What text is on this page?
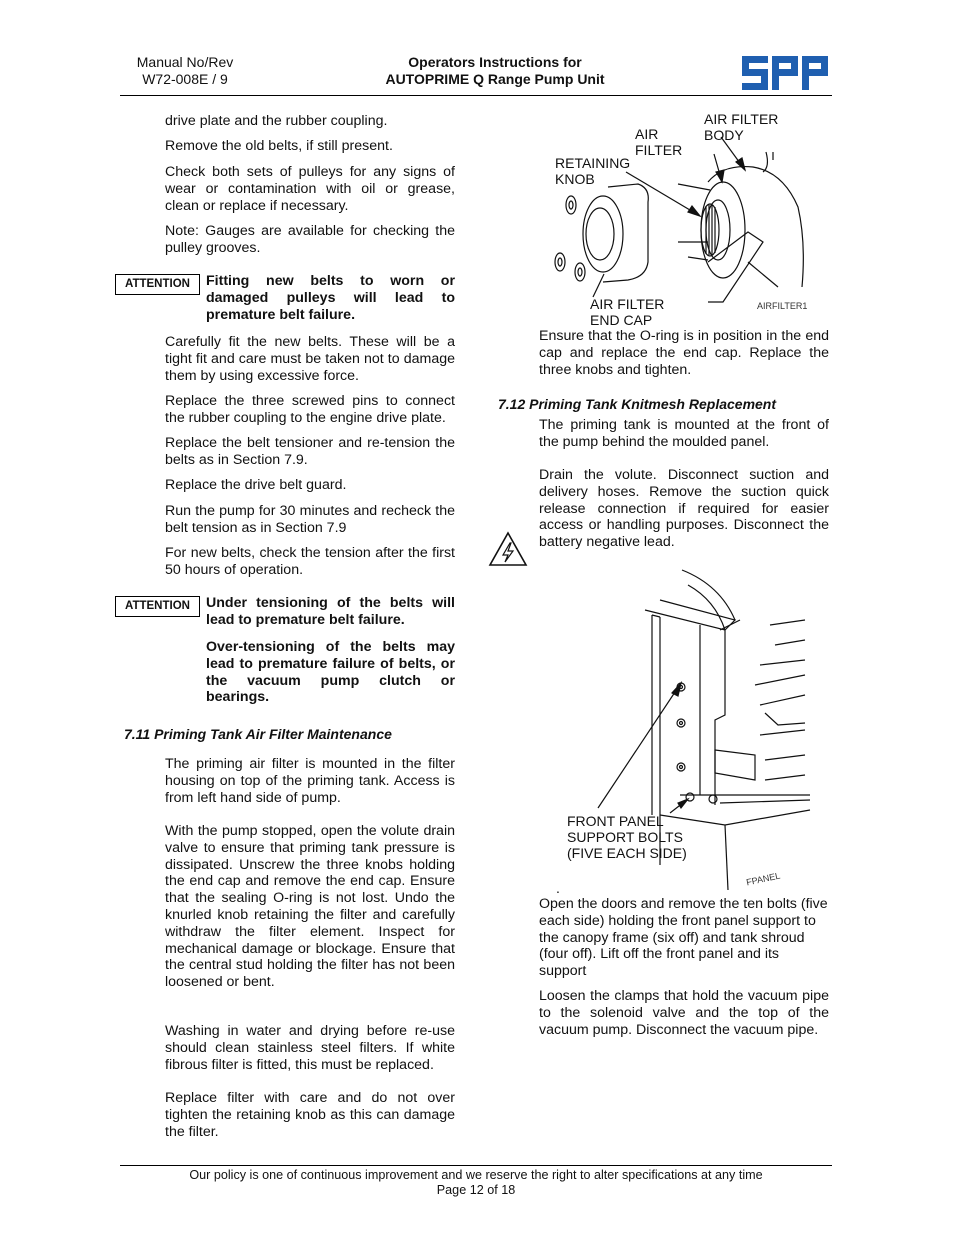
Manual No/Rev
W72-008E / 9
Operators Instructions for
AUTOPRIME Q Range Pump Unit

drive plate and the rubber coupling.

Remove the old belts, if still present.

Check both sets of pulleys for any signs of wear or contamination with oil or grease, clean or replace if necessary.

Note: Gauges are available for checking the pulley grooves.

ATTENTION	Fitting new belts to worn or damaged pulleys will lead to premature belt failure.

Carefully fit the new belts. These will be a tight fit and care must be taken not to damage them by using excessive force.

Replace the three screwed pins to connect the rubber coupling to the engine drive plate.

Replace the belt tensioner and re-tension the belts as in Section 7.9.

Replace the drive belt guard.

Run the pump for 30 minutes and recheck the belt tension as in Section 7.9

For new belts, check the tension after the first 50 hours of operation.

ATTENTION	Under tensioning of the belts will lead to premature belt failure.

Over-tensioning of the belts may lead to premature failure of belts, or the vacuum pump clutch or bearings.

7.11 Priming Tank Air Filter Maintenance

The priming air filter is mounted in the filter housing on top of the priming tank. Access is from left hand side of pump.

With the pump stopped, open the volute drain valve to ensure that priming tank pressure is dissipated. Unscrew the three knobs holding the end cap and remove the end cap. Ensure that the sealing O-ring is not lost. Undo the knurled knob retaining the filter and carefully withdraw the filter element. Inspect for mechanical damage or blockage. Ensure that the central stud holding the filter has not been loosened or bent.

Washing in water and drying before re-use should clean stainless steel filters. If white fibrous filter is fitted, this must be replaced.

Replace filter with care and do not over tighten the retaining knob as this can damage the filter.

AIR FILTER
BODY
AIR
FILTER
RETAINING
KNOB
AIR FILTER
END CAP
AIRFILTER1

Ensure that the O-ring is in position in the end cap and replace the end cap. Replace the three knobs and tighten.

7.12 Priming Tank Knitmesh Replacement

The priming tank is mounted at the front of the pump behind the moulded panel.

Drain the volute. Disconnect suction and delivery hoses. Remove the suction quick release connection if required for easier access or handling purposes. Disconnect the battery negative lead.

FRONT PANEL
SUPPORT BOLTS
(FIVE EACH SIDE)
FPANEL
.

Open the doors and remove the ten bolts (five each side) holding the front panel support to the canopy frame (six off) and tank shroud (four off). Lift off the front panel and its support

Loosen the clamps that hold the vacuum pipe to the solenoid valve and the top of the vacuum pump. Disconnect the vacuum pipe.

Our policy is one of continuous improvement and we reserve the right to alter specifications at any time
Page 12 of 18
